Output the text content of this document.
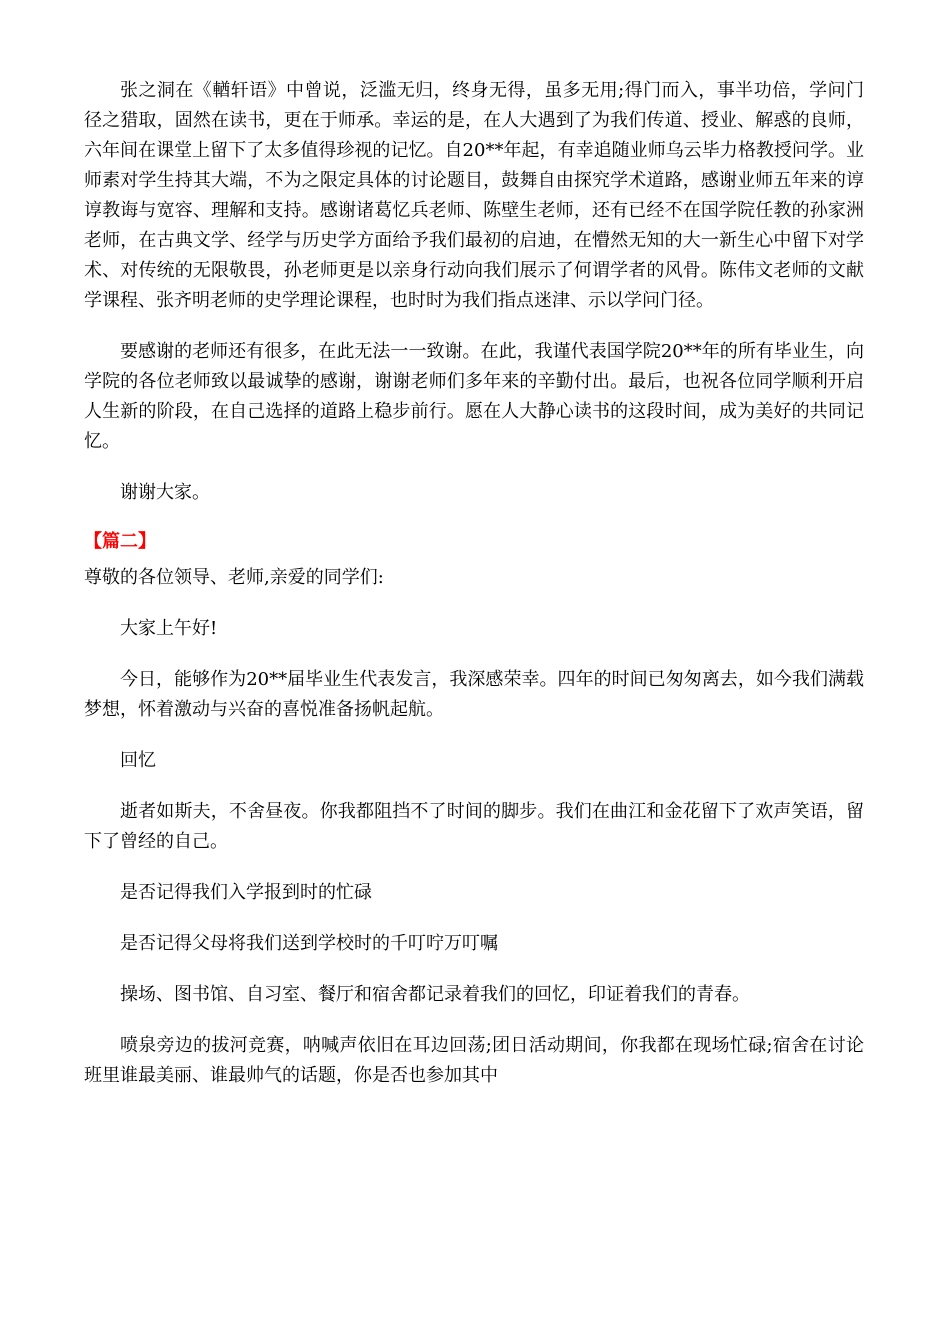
张之洞在《輶轩语》中曾说，泛滥无归，终身无得，虽多无用;得门而入，事半功倍，学问门径之猎取，固然在读书，更在于师承。幸运的是，在人大遇到了为我们传道、授业、解惑的良师，六年间在课堂上留下了太多值得珍视的记忆。自20**年起，有幸追随业师乌云毕力格教授问学。业师素对学生持其大端，不为之限定具体的讨论题目，鼓舞自由探究学术道路，感谢业师五年来的谆谆教诲与宽容、理解和支持。感谢诸葛忆兵老师、陈壁生老师，还有已经不在国学院任教的孙家洲老师，在古典文学、经学与历史学方面给予我们最初的启迪，在懵然无知的大一新生心中留下对学术、对传统的无限敬畏，孙老师更是以亲身行动向我们展示了何谓学者的风骨。陈伟文老师的文献学课程、张齐明老师的史学理论课程，也时时为我们指点迷津、示以学问门径。

要感谢的老师还有很多，在此无法一一致谢。在此，我谨代表国学院20**年的所有毕业生，向学院的各位老师致以最诚挚的感谢，谢谢老师们多年来的辛勤付出。最后，也祝各位同学顺利开启人生新的阶段，在自己选择的道路上稳步前行。愿在人大静心读书的这段时间，成为美好的共同记忆。

谢谢大家。

【篇二】

尊敬的各位领导、老师,亲爱的同学们:

大家上午好!

今日，能够作为20**届毕业生代表发言，我深感荣幸。四年的时间已匆匆离去，如今我们满载梦想，怀着激动与兴奋的喜悦准备扬帆起航。

回忆

逝者如斯夫，不舍昼夜。你我都阻挡不了时间的脚步。我们在曲江和金花留下了欢声笑语，留下了曾经的自己。

是否记得我们入学报到时的忙碌

是否记得父母将我们送到学校时的千叮咛万叮嘱

操场、图书馆、自习室、餐厅和宿舍都记录着我们的回忆，印证着我们的青春。

喷泉旁边的拔河竞赛，呐喊声依旧在耳边回荡;团日活动期间，你我都在现场忙碌;宿舍在讨论班里谁最美丽、谁最帅气的话题，你是否也参加其中
